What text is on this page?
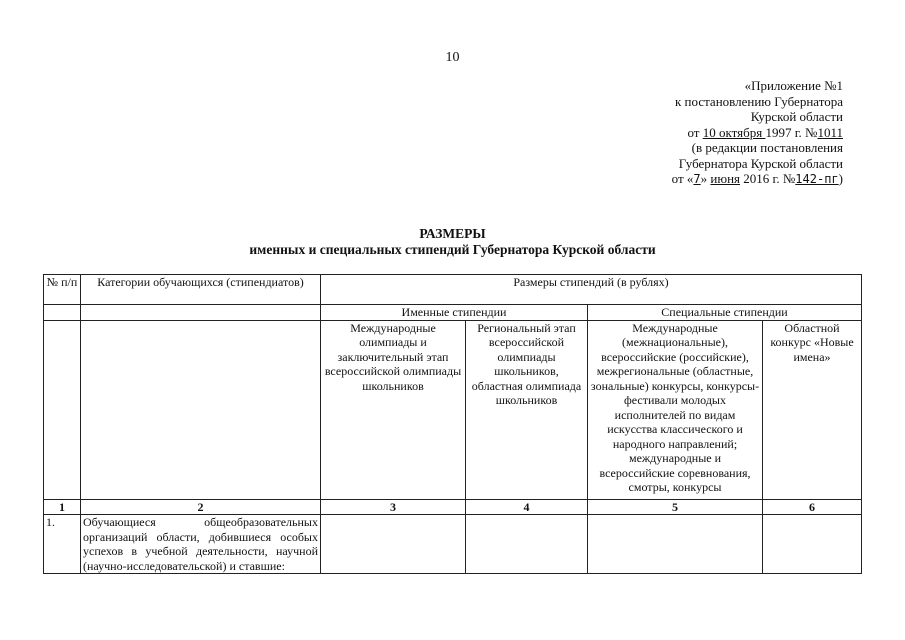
10
«Приложение №1
к постановлению Губернатора
Курской области
от 10 октября 1997 г. №1011
(в редакции постановления
Губернатора Курской области
от «7» июня 2016 г. №142-пг)
РАЗМЕРЫ
именных и специальных стипендий Губернатора Курской области
№ п/п	Категории обучающихся (стипендиатов)	Размеры стипендий (в рублях)			
		Именные стипендии		Специальные стипендии	
		Международные олимпиады и заключительный этап всероссийской олимпиады школьников	Региональный этап всероссийской олимпиады школьников, областная олимпиада школьников	Международные (межнациональные), всероссийские (российские), межрегиональные (областные, зональные) конкурсы, конкурсы-фестивали молодых исполнителей по видам искусства классического и народного направлений; международные и всероссийские соревнования, смотры, конкурсы	Областной конкурс «Новые имена»
1	2	3	4	5	6
1.	Обучающиеся общеобразовательных организаций области, добившиеся особых успехов в учебной деятельности, научной (научно-исследовательской) и ставшие:				
